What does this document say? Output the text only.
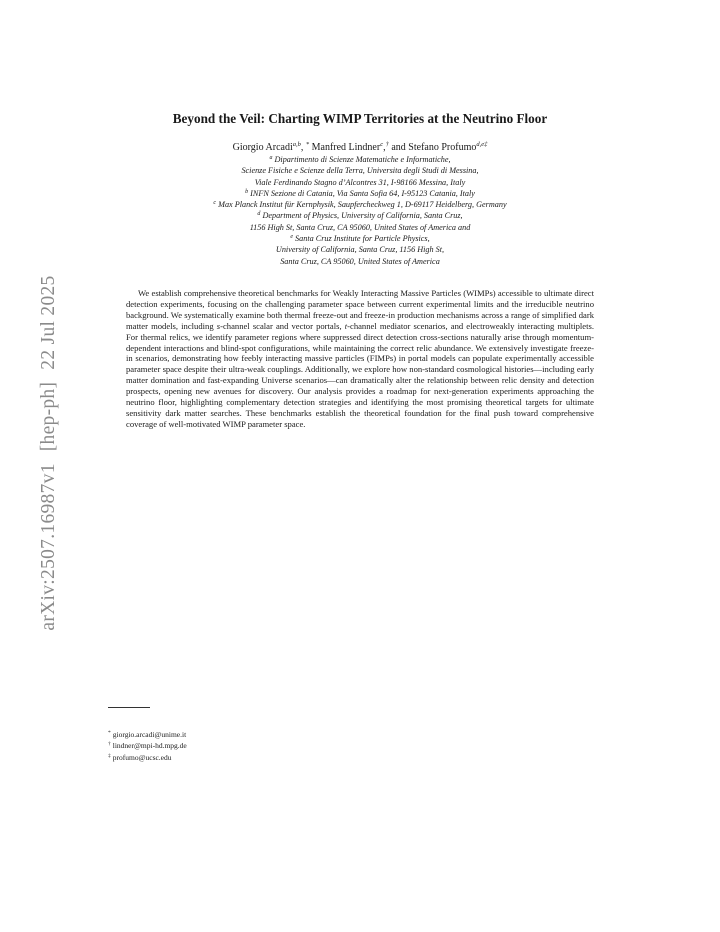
arXiv:2507.16987v1[hep-ph]22 Jul 2025
Beyond the Veil: Charting WIMP Territories at the Neutrino Floor

Giorgio Arcadi$^{a,b}$, * Manfred Lindner$^c$,† and Stefano Profumo$^{d,e\ddagger}$

$^a$ Dipartimento di Scienze Matematiche e Informatiche,
Scienze Fisiche e Scienze della Terra, Universita degli Studi di Messina,
Viale Ferdinando Stagno d’Alcontres 31, I-98166 Messina, Italy
$^b$ INFN Sezione di Catania, Via Santa Sofia 64, I-95123 Catania, Italy
$^c$ Max Planck Institut für Kernphysik, Saupfercheckweg 1, D-69117 Heidelberg, Germany
$^d$ Department of Physics, University of California, Santa Cruz,
1156 High St, Santa Cruz, CA 95060, United States of America and
$^e$ Santa Cruz Institute for Particle Physics,
University of California, Santa Cruz, 1156 High St,
Santa Cruz, CA 95060, United States of America

We establish comprehensive theoretical benchmarks for Weakly Interacting Massive Particles (WIMPs) accessible to ultimate direct detection experiments, focusing on the challenging parameter space between current experimental limits and the irreducible neutrino background. We systematically examine both thermal freeze-out and freeze-in production mechanisms across a range of simplified dark matter models, including s-channel scalar and vector portals, t-channel mediator scenarios, and electroweakly interacting multiplets. For thermal relics, we identify parameter regions where suppressed direct detection cross-sections naturally arise through momentum-dependent interactions and blind-spot configurations, while maintaining the correct relic abundance. We extensively investigate freeze-in scenarios, demonstrating how feebly interacting massive particles (FIMPs) in portal models can populate experimentally accessible parameter space despite their ultra-weak couplings. Additionally, we explore how non-standard cosmological histories—including early matter domination and fast-expanding Universe scenarios—can dramatically alter the relationship between relic density and detection prospects, opening new avenues for discovery. Our analysis provides a roadmap for next-generation experiments approaching the neutrino floor, highlighting complementary detection strategies and identifying the most promising theoretical targets for ultimate sensitivity dark matter searches. These benchmarks establish the theoretical foundation for the final push toward comprehensive coverage of well-motivated WIMP parameter space.

* giorgio.arcadi@unime.it
† lindner@mpi-hd.mpg.de
‡ profumo@ucsc.edu
